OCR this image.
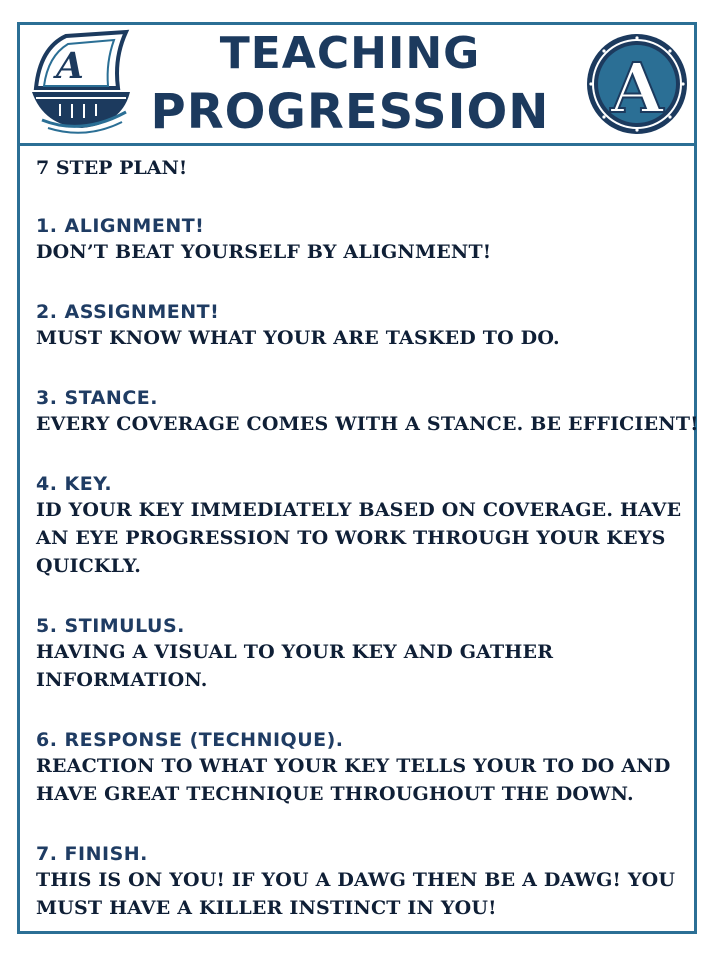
A	TEACHING
PROGRESSION A
7 STEP PLAN!
1. ALIGNMENT!
DON’T BEAT YOURSELF BY ALIGNMENT!
2. ASSIGNMENT!
MUST KNOW WHAT YOUR ARE TASKED TO DO.
3. STANCE.
EVERY COVERAGE COMES WITH A STANCE. BE EFFICIENT!
4. KEY.
ID YOUR KEY IMMEDIATELY BASED ON COVERAGE. HAVE AN EYE PROGRESSION TO WORK THROUGH YOUR KEYS QUICKLY.
5. STIMULUS.
HAVING A VISUAL TO YOUR KEY AND GATHER INFORMATION.
6. RESPONSE (TECHNIQUE).
REACTION TO WHAT YOUR KEY TELLS YOUR TO DO AND HAVE GREAT TECHNIQUE THROUGHOUT THE DOWN.
7. FINISH.
THIS IS ON YOU! IF YOU A DAWG THEN BE A DAWG! YOU MUST HAVE A KILLER INSTINCT IN YOU!
